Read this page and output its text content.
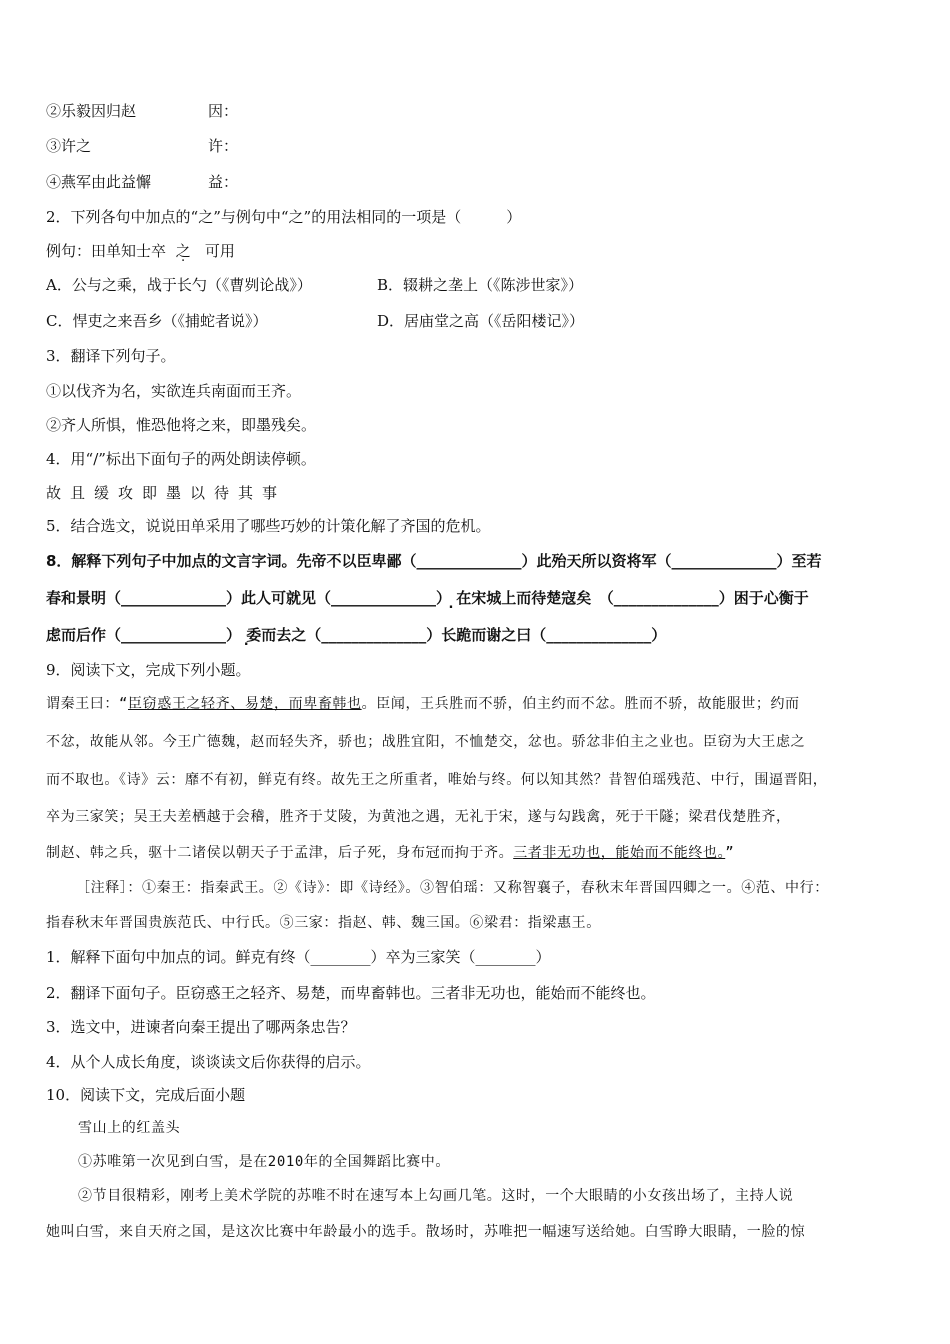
②乐毅因归赵	因：
③许之	许：
④燕军由此益懈	益：
2．下列各句中加点的“之”与例句中“之”的用法相同的一项是（　　　）
例句：田单知士卒 之 可用
A．公与之乘，战于长勺（《曹刿论战》）	B．辍耕之垄上（《陈涉世家》）
C．悍吏之来吾乡（《捕蛇者说》）	D．居庙堂之高（《岳阳楼记》）
3．翻译下列句子。
①以伐齐为名，实欲连兵南面而王齐。
②齐人所惧，惟恐他将之来，即墨残矣。
4．用“/”标出下面句子的两处朗读停顿。
故且缓攻即墨以待其事
5．结合选文，说说田单采用了哪些巧妙的计策化解了齐国的危机。
8．解释下列句子中加点的文言字词。先帝不以臣卑鄙（______________）此殆天所以资将军（______________）至若
春和景明（______________）此人可就见（______________） 在宋城上而待楚寇矣　（______________）困于心衡于
虑而后作（______________） 委而去之（______________）长跪而谢之曰（______________）
9．阅读下文，完成下列小题。
谓秦王曰：“臣窃惑王之轻齐、易楚，而卑畜韩也。臣闻，王兵胜而不骄，伯主约而不忿。胜而不骄，故能服世；约而
不忿，故能从邻。今王广德魏，赵而轻失齐，骄也；战胜宜阳，不恤楚交，忿也。骄忿非伯主之业也。臣窃为大王虑之
而不取也。《诗》云：靡不有初，鲜克有终。故先王之所重者，唯始与终。何以知其然？昔智伯瑶残范、中行，围逼晋阳，
卒为三家笑；吴王夫差栖越于会稽，胜齐于艾陵，为黄池之遇，无礼于宋，遂与勾践禽，死于干隧；梁君伐楚胜齐，
制赵、韩之兵，驱十二诸侯以朝天子于孟津，后子死，身布冠而拘于齐。三者非无功也，能始而不能终也。”
［注释］：①秦王：指秦武王。②《诗》：即《诗经》。③智伯瑶：又称智襄子，春秋末年晋国四卿之一。④范、中行：
指春秋末年晋国贵族范氏、中行氏。⑤三家：指赵、韩、魏三国。⑥梁君：指梁惠王。
1．解释下面句中加点的词。鲜克有终（________）卒为三家笑（________）
2．翻译下面句子。臣窃惑王之轻齐、易楚，而卑畜韩也。三者非无功也，能始而不能终也。
3．选文中，进谏者向秦王提出了哪两条忠告？
4．从个人成长角度，谈谈读文后你获得的启示。
10．阅读下文，完成后面小题
雪山上的红盖头
①苏唯第一次见到白雪，是在2010年的全国舞蹈比赛中。
②节目很精彩，刚考上美术学院的苏唯不时在速写本上勾画几笔。这时，一个大眼睛的小女孩出场了，主持人说
她叫白雪，来自天府之国，是这次比赛中年龄最小的选手。散场时，苏唯把一幅速写送给她。白雪睁大眼睛，一脸的惊
